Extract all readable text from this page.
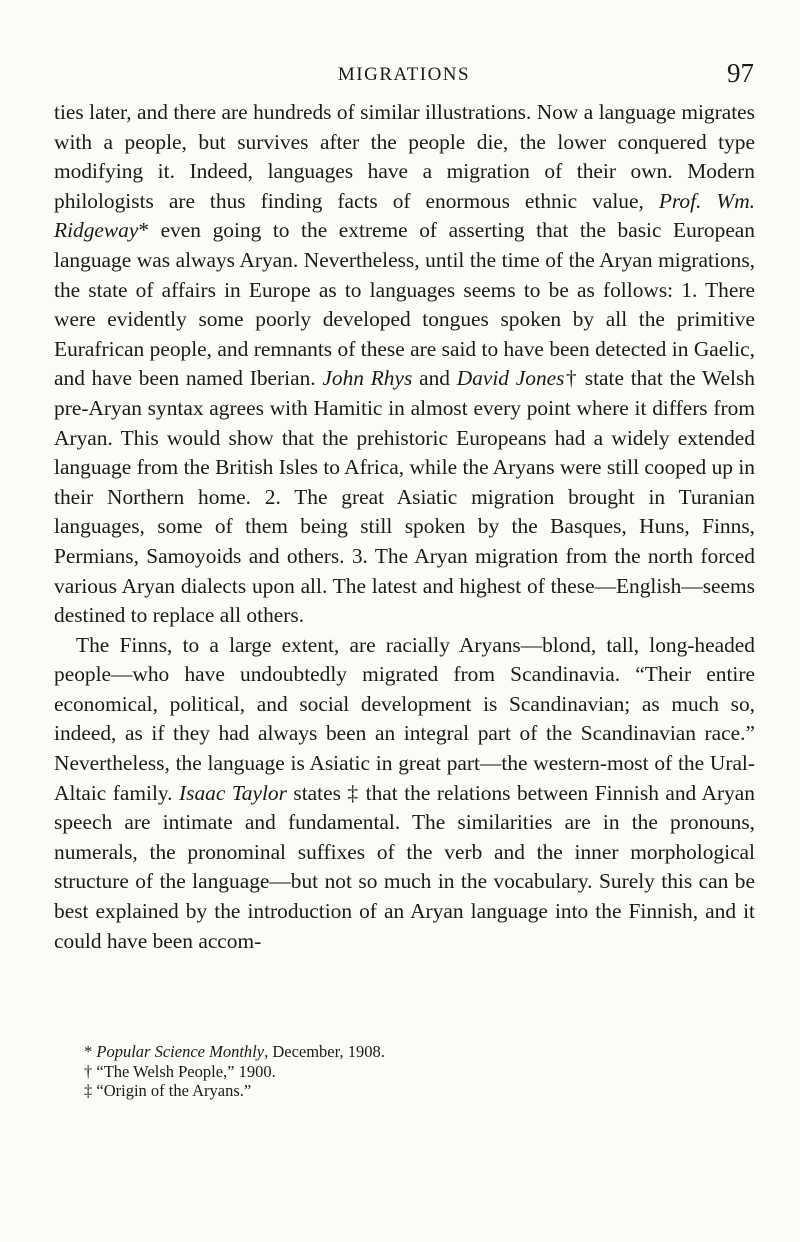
MIGRATIONS	97

ties later, and there are hundreds of similar illustrations. Now a language migrates with a people, but survives after the people die, the lower conquered type modifying it. Indeed, languages have a migration of their own. Modern philologists are thus finding facts of enormous ethnic value, Prof. Wm. Ridgeway* even going to the extreme of asserting that the basic European language was always Aryan. Nevertheless, until the time of the Aryan migrations, the state of affairs in Europe as to languages seems to be as follows: 1. There were evidently some poorly developed tongues spoken by all the primitive Eurafrican people, and remnants of these are said to have been detected in Gaelic, and have been named Iberian. John Rhys and David Jones† state that the Welsh pre-Aryan syntax agrees with Hamitic in almost every point where it differs from Aryan. This would show that the prehistoric Europeans had a widely extended language from the British Isles to Africa, while the Aryans were still cooped up in their Northern home. 2. The great Asiatic migration brought in Turanian languages, some of them being still spoken by the Basques, Huns, Finns, Permians, Samoyoids and others. 3. The Aryan migration from the north forced various Aryan dialects upon all. The latest and highest of these—English—seems destined to replace all others.

The Finns, to a large extent, are racially Aryans—blond, tall, long-headed people—who have undoubtedly migrated from Scandinavia. “Their entire economical, political, and social development is Scandinavian; as much so, indeed, as if they had always been an integral part of the Scandinavian race.” Nevertheless, the language is Asiatic in great part—the western-most of the Ural-Altaic family. Isaac Taylor states ‡ that the relations between Finnish and Aryan speech are intimate and fundamental. The similarities are in the pronouns, numerals, the pronominal suffixes of the verb and the inner morphological structure of the language—but not so much in the vocabulary. Surely this can be best explained by the introduction of an Aryan language into the Finnish, and it could have been accom-

* Popular Science Monthly, December, 1908.
† “The Welsh People,” 1900.
‡ “Origin of the Aryans.”
